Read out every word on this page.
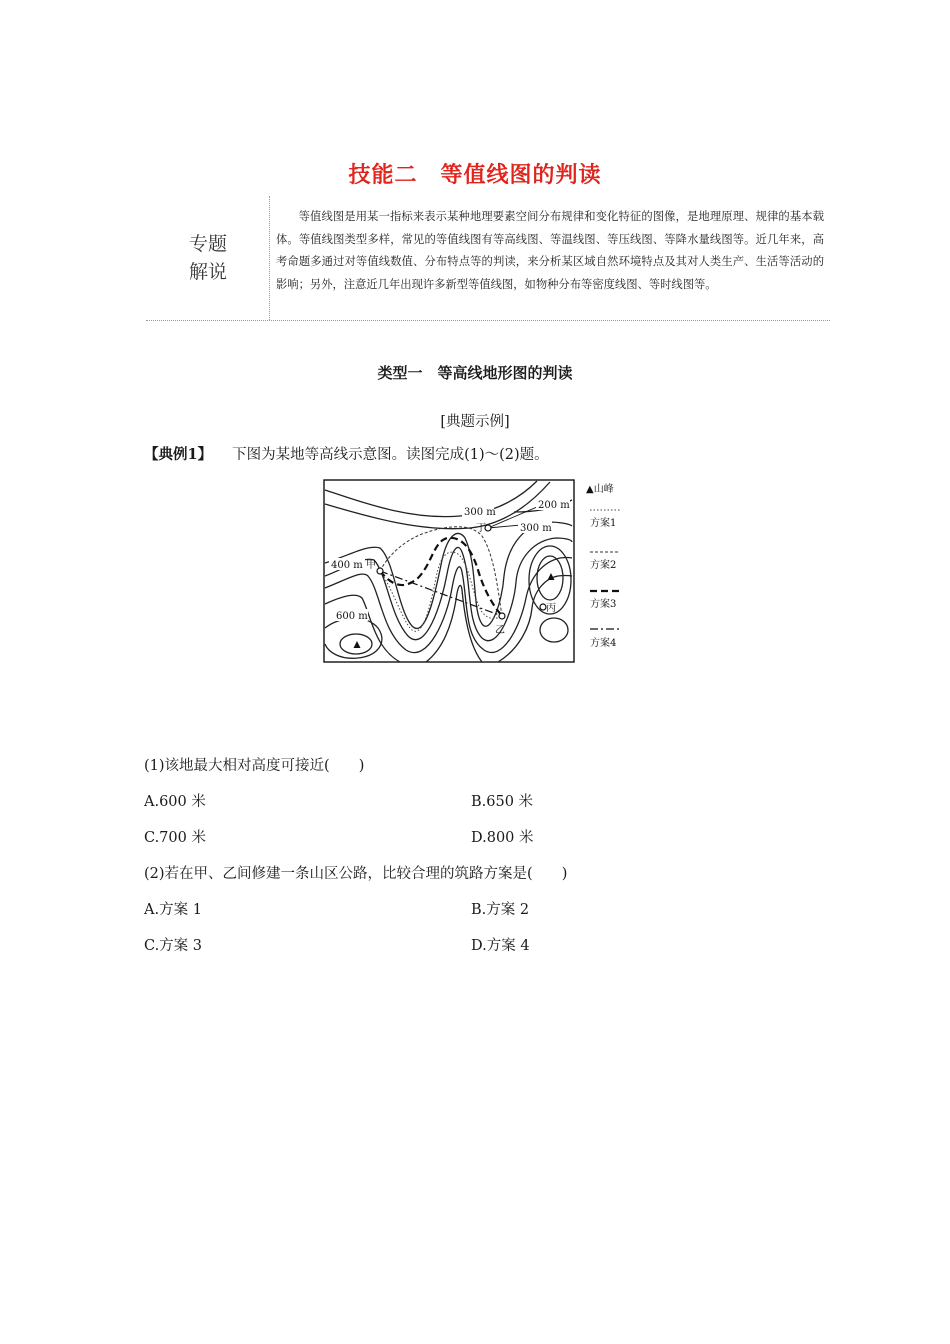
技能二　等值线图的判读
专题
解说
等值线图是用某一指标来表示某种地理要素空间分布规律和变化特征的图像，是地理原理、规律的基本载体。等值线图类型多样，常见的等值线图有等高线图、等温线图、等压线图、等降水量线图等。近几年来，高考命题多通过对等值线数值、分布特点等的判读，来分析某区域自然环境特点及其对人类生产、生活等活动的影响；另外，注意近几年出现许多新型等值线图，如物种分布等密度线图、等时线图等。
类型一　等高线地形图的判读
[典题示例]
【典例1】 下图为某地等高线示意图。读图完成(1)～(2)题。
300 m
200 m
300 m
400 m
600 m
甲
乙
丙
丁
▲山峰
方案1
方案2
方案3
方案4
(1)该地最大相对高度可接近(　　)
A.600 米	B.650 米
C.700 米	D.800 米
(2)若在甲、乙间修建一条山区公路，比较合理的筑路方案是(　　)
A.方案 1	B.方案 2
C.方案 3	D.方案 4
